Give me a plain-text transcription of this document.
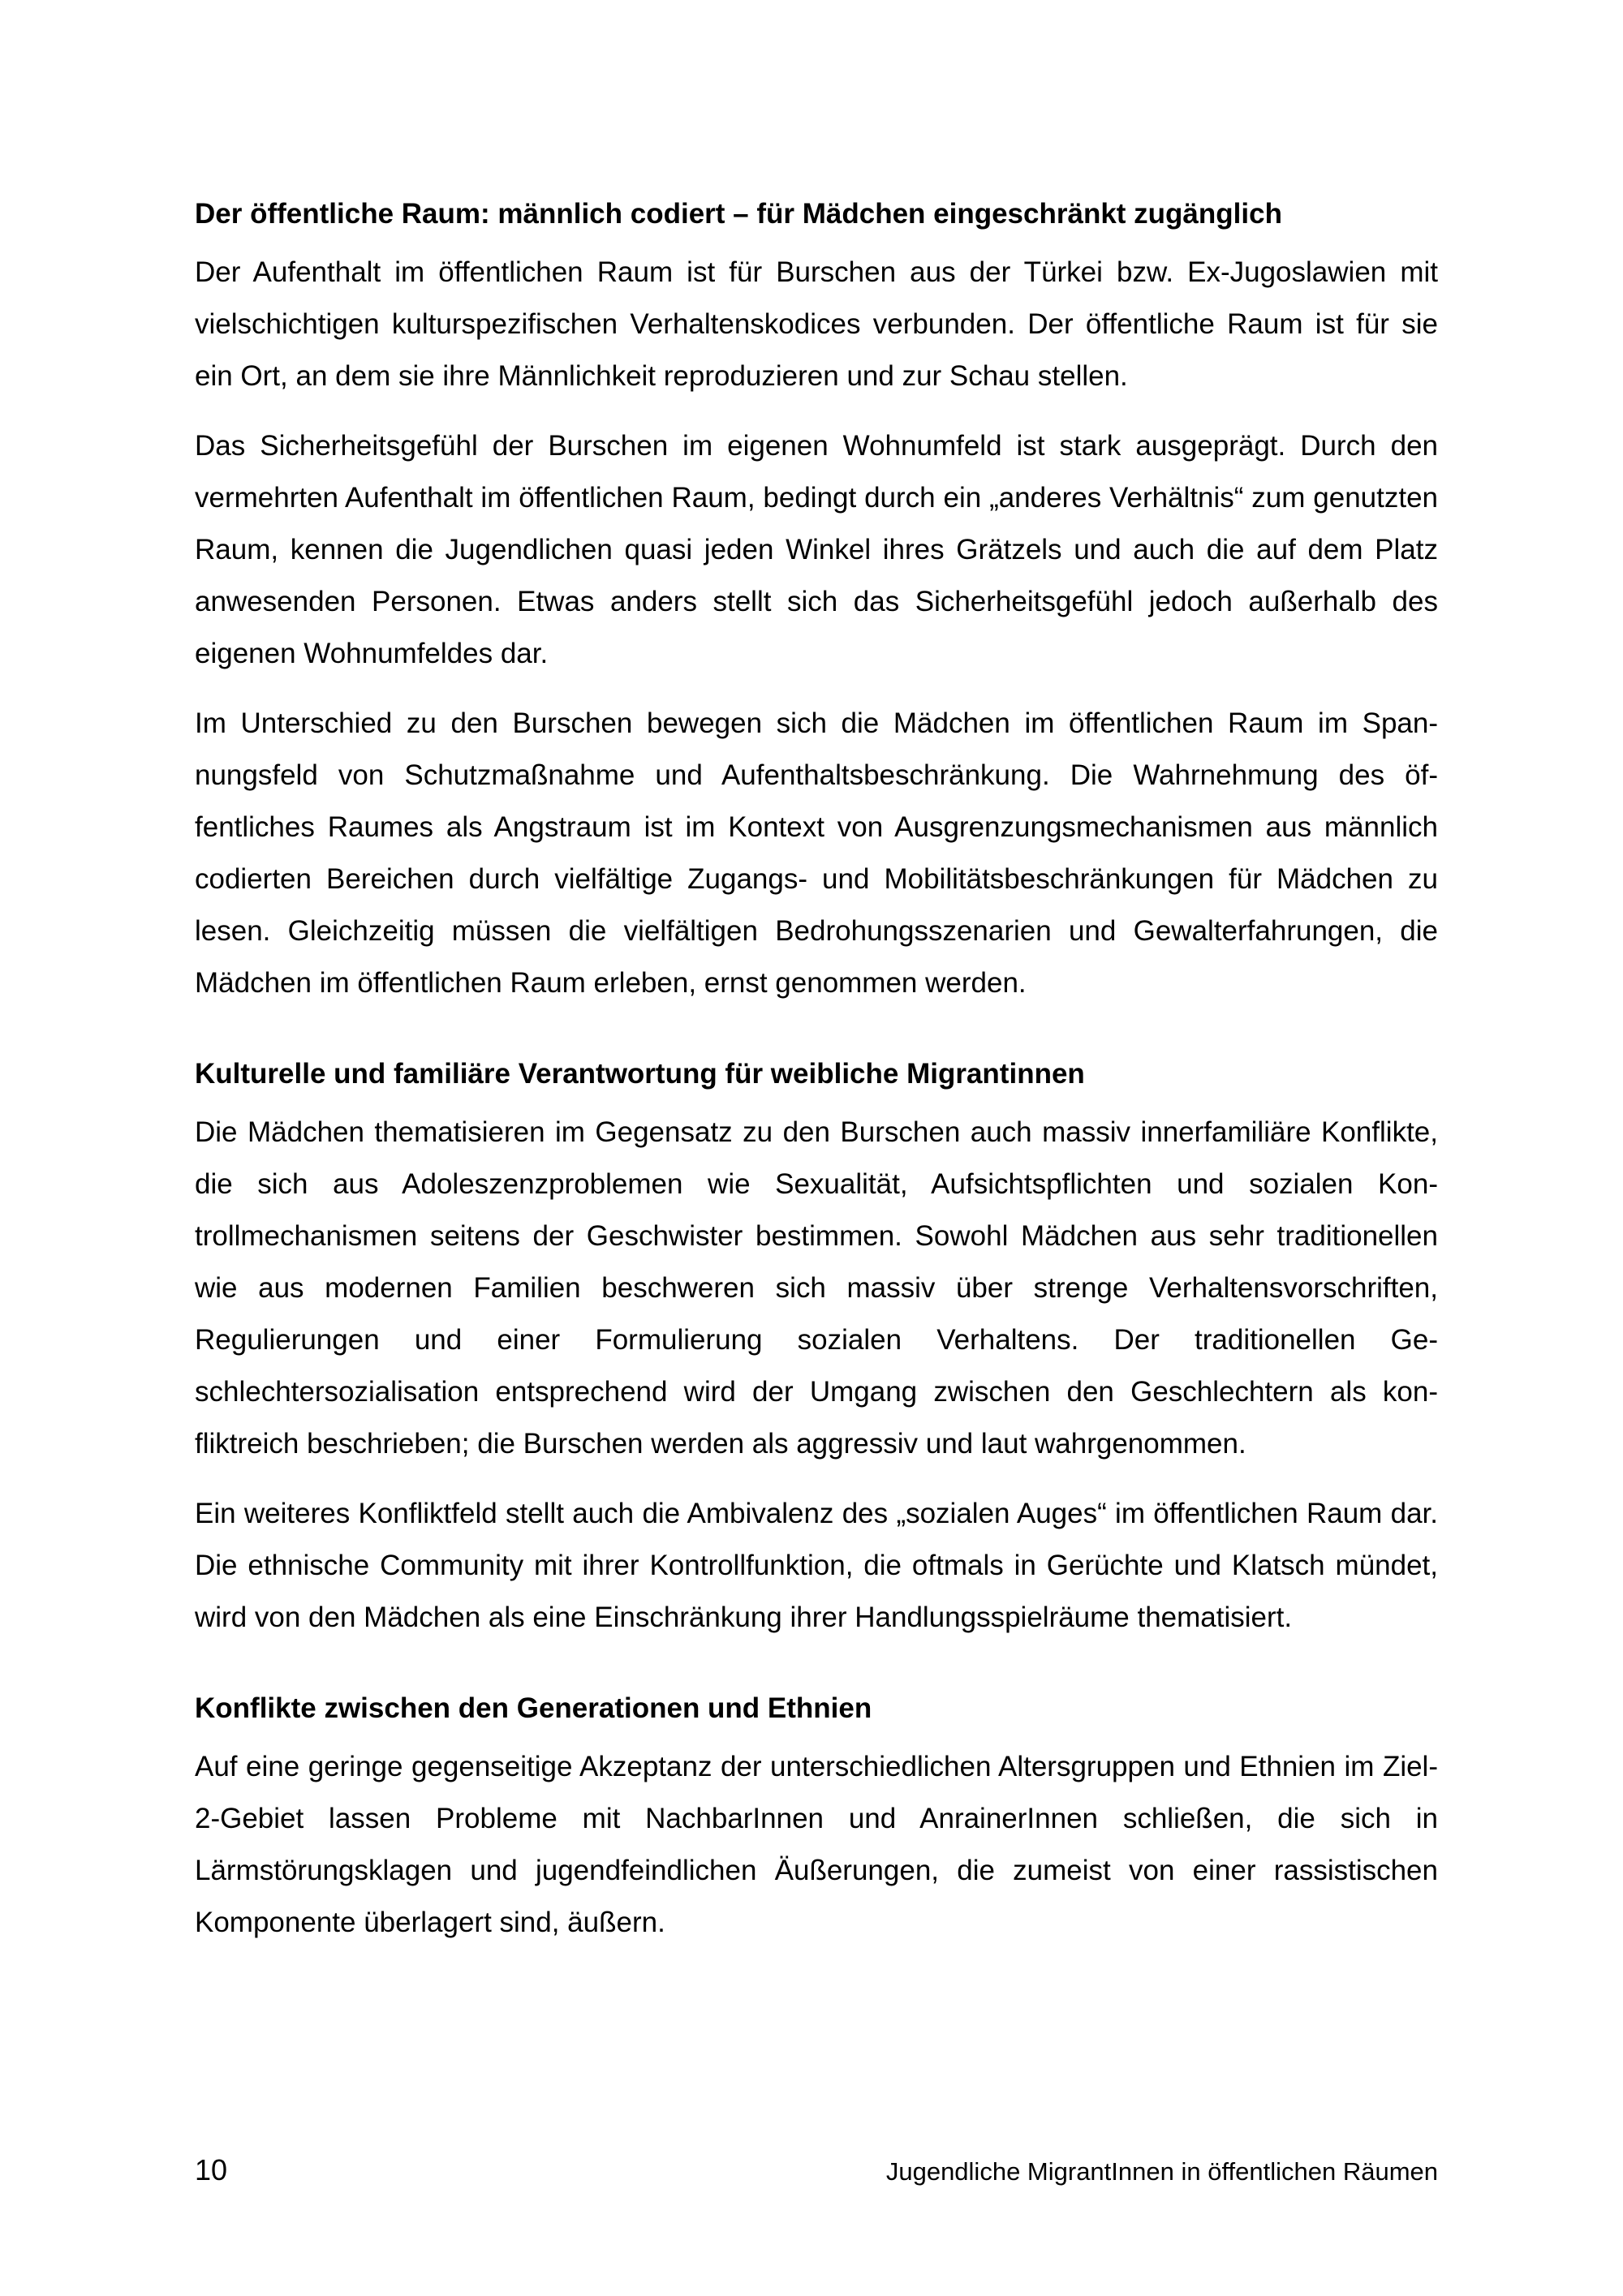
Der öffentliche Raum: männlich codiert – für Mädchen eingeschränkt zugänglich

Der Aufenthalt im öffentlichen Raum ist für Burschen aus der Türkei bzw. Ex-Jugoslawien mit vielschichtigen kulturspezifischen Verhaltenskodices verbunden. Der öffentliche Raum ist für sie ein Ort, an dem sie ihre Männlichkeit reproduzieren und zur Schau stellen.

Das Sicherheitsgefühl der Burschen im eigenen Wohnumfeld ist stark ausgeprägt. Durch den vermehrten Aufenthalt im öffentlichen Raum, bedingt durch ein „anderes Verhältnis“ zum genutzten Raum, kennen die Jugendlichen quasi jeden Winkel ihres Grätzels und auch die auf dem Platz anwesenden Personen. Etwas anders stellt sich das Sicherheitsgefühl jedoch außerhalb des eigenen Wohnumfeldes dar.

Im Unterschied zu den Burschen bewegen sich die Mädchen im öffentlichen Raum im Spannungsfeld von Schutzmaßnahme und Aufenthaltsbeschränkung. Die Wahrnehmung des öffentliches Raumes als Angstraum ist im Kontext von Ausgrenzungsmechanismen aus männlich codierten Bereichen durch vielfältige Zugangs- und Mobilitätsbeschränkungen für Mädchen zu lesen. Gleichzeitig müssen die vielfältigen Bedrohungsszenarien und Gewalterfahrungen, die Mädchen im öffentlichen Raum erleben, ernst genommen werden.

Kulturelle und familiäre Verantwortung für weibliche Migrantinnen

Die Mädchen thematisieren im Gegensatz zu den Burschen auch massiv innerfamiliäre Konflikte, die sich aus Adoleszenzproblemen wie Sexualität, Aufsichtspflichten und sozialen Kontrollmechanismen seitens der Geschwister bestimmen. Sowohl Mädchen aus sehr traditionellen wie aus modernen Familien beschweren sich massiv über strenge Verhaltensvorschriften, Regulierungen und einer Formulierung sozialen Verhaltens. Der traditionellen Geschlechtersozialisation entsprechend wird der Umgang zwischen den Geschlechtern als konfliktreich beschrieben; die Burschen werden als aggressiv und laut wahrgenommen.

Ein weiteres Konfliktfeld stellt auch die Ambivalenz des „sozialen Auges“ im öffentlichen Raum dar. Die ethnische Community mit ihrer Kontrollfunktion, die oftmals in Gerüchte und Klatsch mündet, wird von den Mädchen als eine Einschränkung ihrer Handlungsspielräume thematisiert.

Konflikte zwischen den Generationen und Ethnien

Auf eine geringe gegenseitige Akzeptanz der unterschiedlichen Altersgruppen und Ethnien im Ziel-2-Gebiet lassen Probleme mit NachbarInnen und AnrainerInnen schließen, die sich in Lärmstörungsklagen und jugendfeindlichen Äußerungen, die zumeist von einer rassistischen Komponente überlagert sind, äußern.

10	Jugendliche MigrantInnen in öffentlichen Räumen
